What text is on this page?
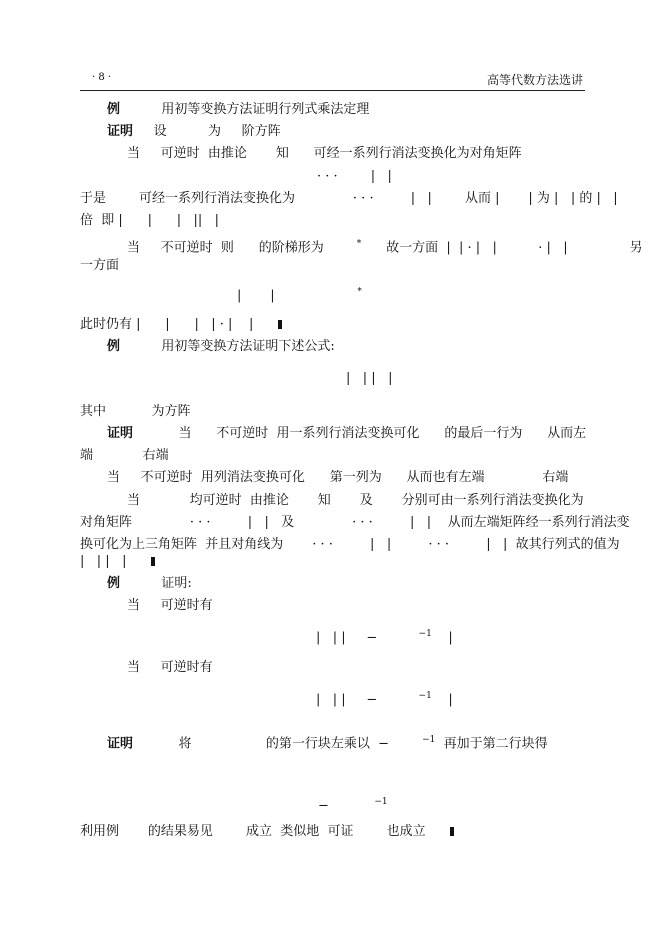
· 8 ·	高等代数方法选讲
例          用初等变换方法证明行列式乘法定理
证明     设          为     阶方阵
当     可逆时  由推论       知      可经一系列行消法变换化为对角矩阵
· · ·        |   |
于是        可经一系列行消法变换化为              · · ·         |   |        从而 |       | 为 |   | 的 |   |
倍  即 |      |      |   ||   |
当     不可逆时  则      的阶梯形为        *      故一方面  |  | · |   |          · |   |               另
一方面
|       |                    *
此时仍有 |      |      |   | · |    |
例          用初等变换方法证明下述公式:
|   | |   |
其中           为方阵
证明           当      不可逆时  用一系列行消法变换可化      的最后一行为      从而左
端            右端
当     不可逆时  用列消法变换可化      第一列为      从而也有左端              右端
当            均可逆时  由推论       知       及       分别可由一系列行消法变换化为
对角矩阵              · · ·         |   |   及              · · ·         |   |    从而左端矩阵经一系列行消法变
换可化为上三角矩阵  并且对角线为       · · ·         |   |         · · ·         |   |  故其行列式的值为
|   | |   |
例          证明:
当     可逆时有
|   | |     −          $^{-1}$    |
当     可逆时有
|   | |     −          $^{-1}$    |
证明           将                  的第一行块左乘以  −        $^{-1}$  再加于第二行块得
−           $^{-1}$
利用例       的结果易见        成立  类似地  可证        也成立
